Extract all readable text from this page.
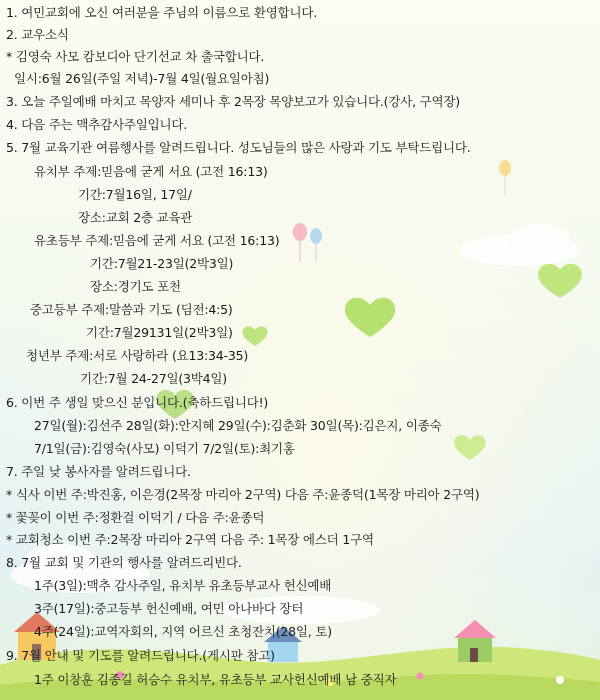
1. 여민교회에 오신 여러분을 주님의 이름으로 환영합니다.
2. 교우소식
* 김영숙 사모 캄보디아 단기선교 차 출국합니다.
일시:6월 26일(주일 저녁)-7월 4일(월요일아침)
3. 오늘 주일예배 마치고 목양자 세미나 후 2목장 목양보고가 있습니다.(강사, 구역장)
4. 다음 주는 맥추감사주일입니다.
5. 7월 교육기관 여름행사를 알려드립니다. 성도님들의 많은 사랑과 기도 부탁드립니다.
유치부 주제:믿음에 굳게 서요 (고전 16:13)
기간:7월16일, 17일/
장소:교회 2층 교육관
유초등부 주제:믿음에 굳게 서요 (고전 16:13)
기간:7월21-23일(2박3일)
장소:경기도 포천
중고등부 주제:말씀과 기도 (딤전:4:5)
기간:7월29131일(2박3일)
청년부 주제:서로 사랑하라 (요13:34-35)
기간:7월 24-27일(3박4일)
6. 이번 주 생일 맞으신 분입니다.(축하드립니다!)
27일(월):김선주 28일(화):안지혜 29일(수):김춘화 30일(목):김은지, 이종숙
7/1일(금):김영숙(사모) 이덕기 7/2일(토):최기홍
7. 주일 낮 봉사자를 알려드립니다.
* 식사 이번 주:박진홍, 이은경(2목장 마리아 2구역) 다음 주:윤종덕(1목장 마리아 2구역)
* 꽃꽂이 이번 주:정환걸 이덕기 / 다음 주:윤종덕
* 교회청소 이번 주:2목장 마리아 2구역 다음 주: 1목장 에스더 1구역
8. 7월 교회 및 기관의 행사를 알려드리빈다.
1주(3일):맥추 감사주일, 유치부 유초등부교사 헌신예배
3주(17일):중고등부 헌신예배, 여민 아나바다 장터
4주(24일):교역자회의, 지역 어르신 초청잔치(28일, 토)
9. 7월 안내 및 기도를 알려드립니다.(게시판 참고)
1주 이창훈 김종길 허승수 유치부, 유초등부 교사헌신예배 남 중직자
